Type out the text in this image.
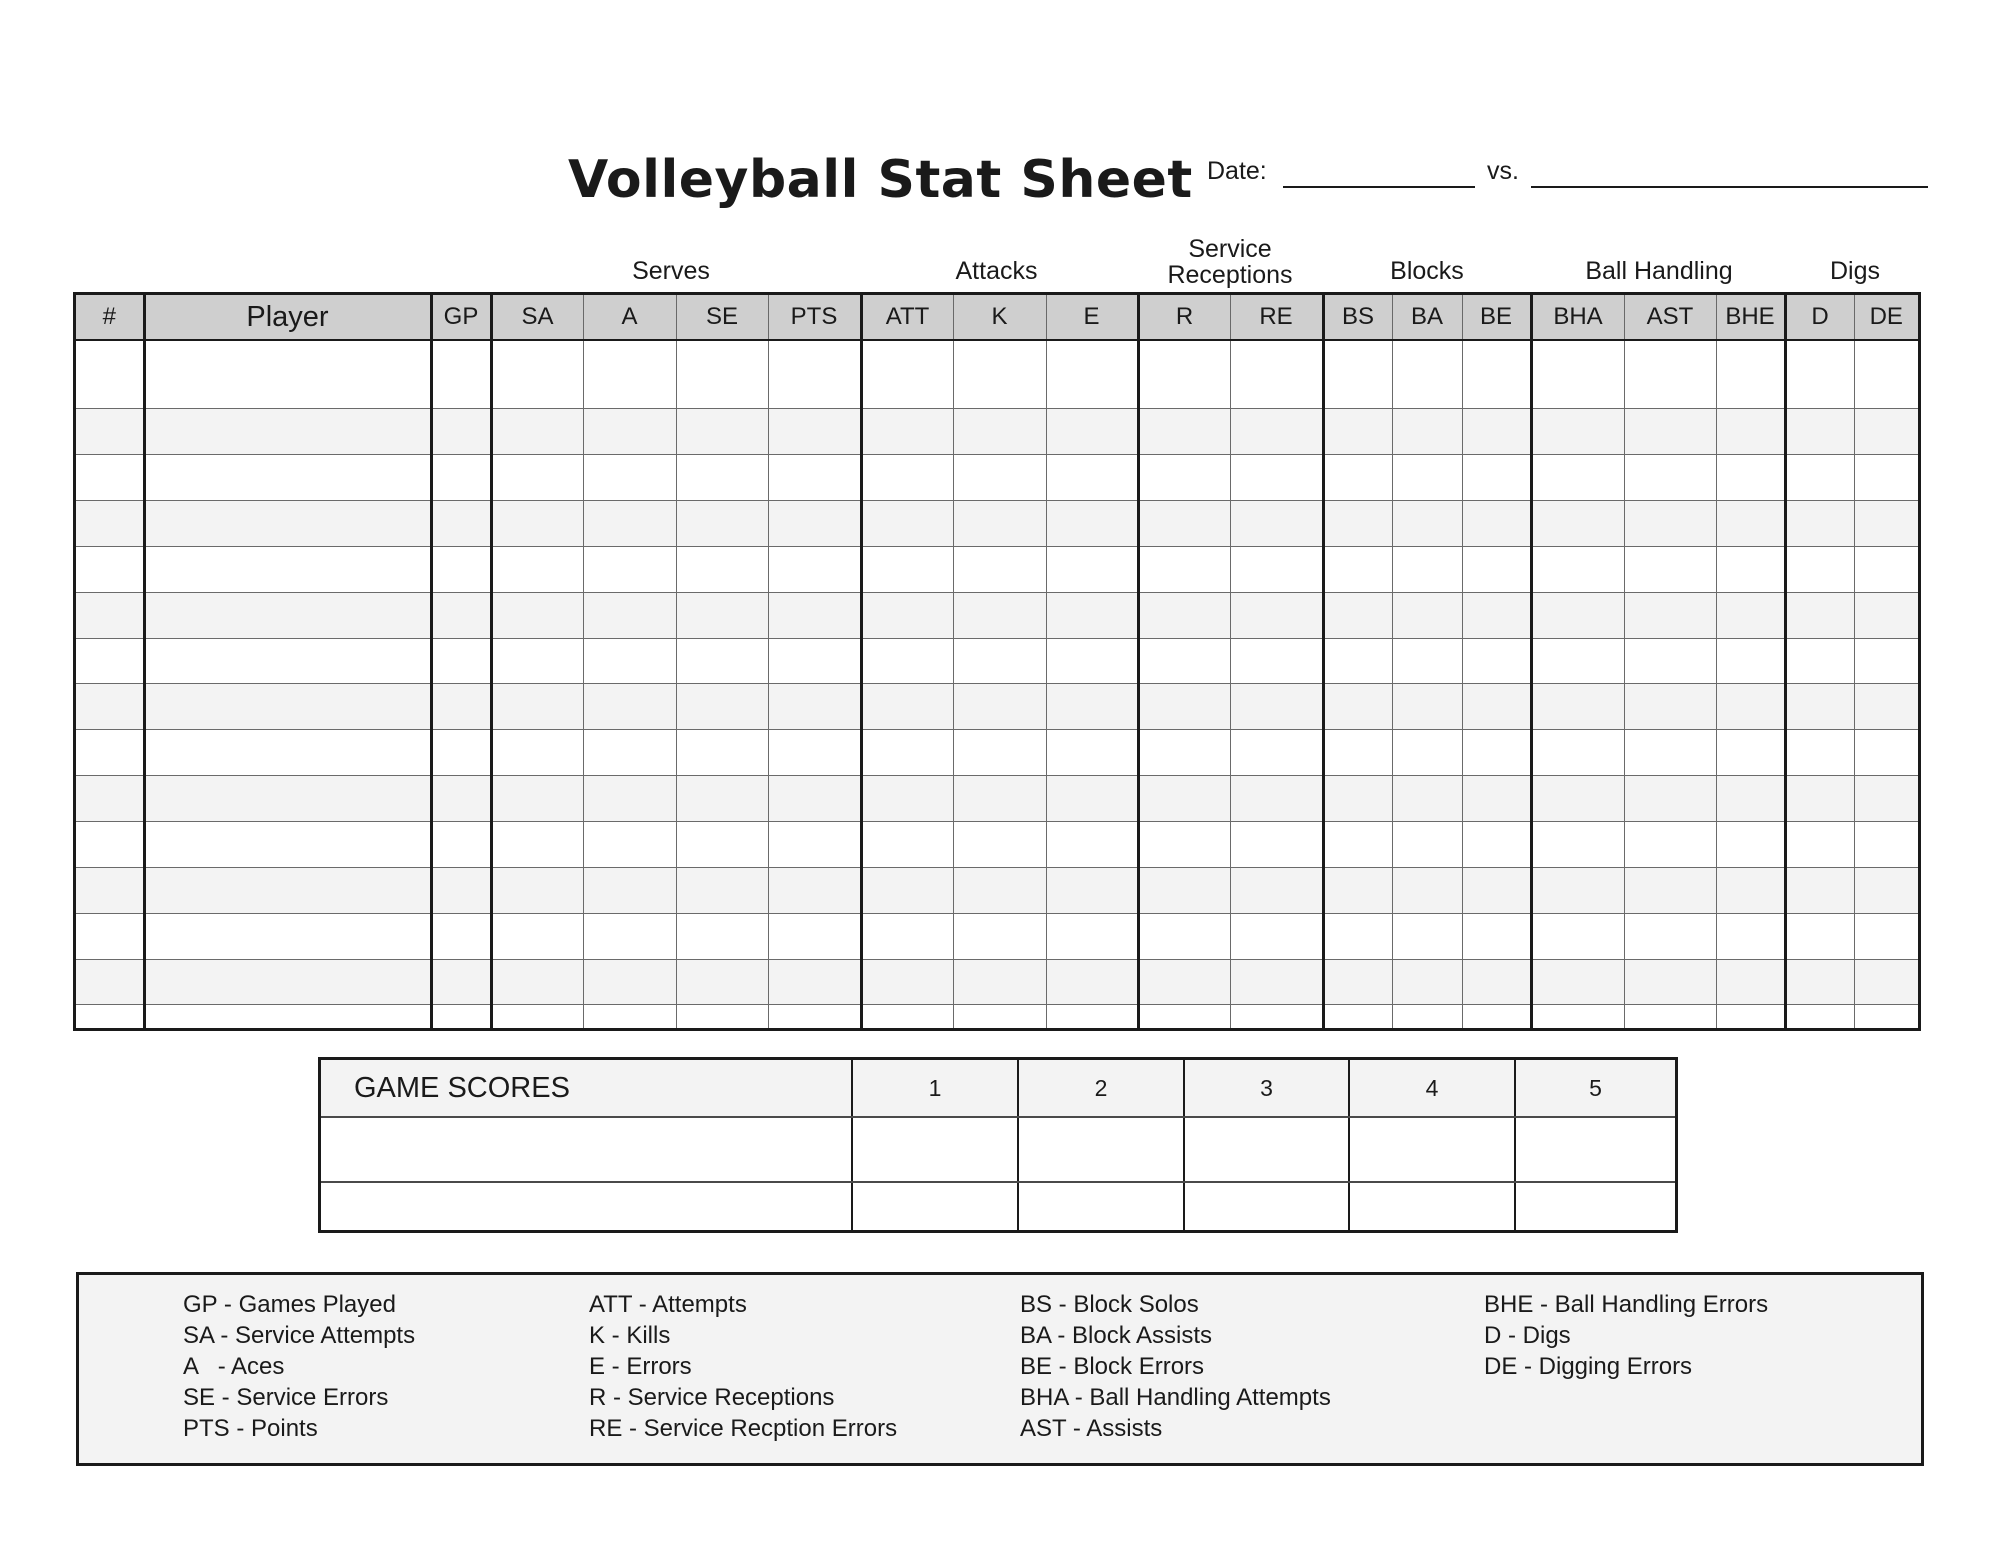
Volleyball Stat Sheet Date:	vs.
Serves	Attacks
Service
Receptions	Blocks	Ball Handling	Digs
#	Player	GP	SA	A	SE	PTS	ATT	K	E	R	RE	BS	BA	BE	BHA	AST	BHE	D	DE

GAME SCORES	1	2	3	4	5

GP - Games Played
SA - Service Attempts
A   - Aces
SE - Service Errors
PTS - Points
ATT - Attempts
K - Kills
E - Errors
R - Service Receptions
RE - Service Recption Errors
BS - Block Solos
BA - Block Assists
BE - Block Errors
BHA - Ball Handling Attempts
AST - Assists
BHE - Ball Handling Errors
D - Digs
DE - Digging Errors
